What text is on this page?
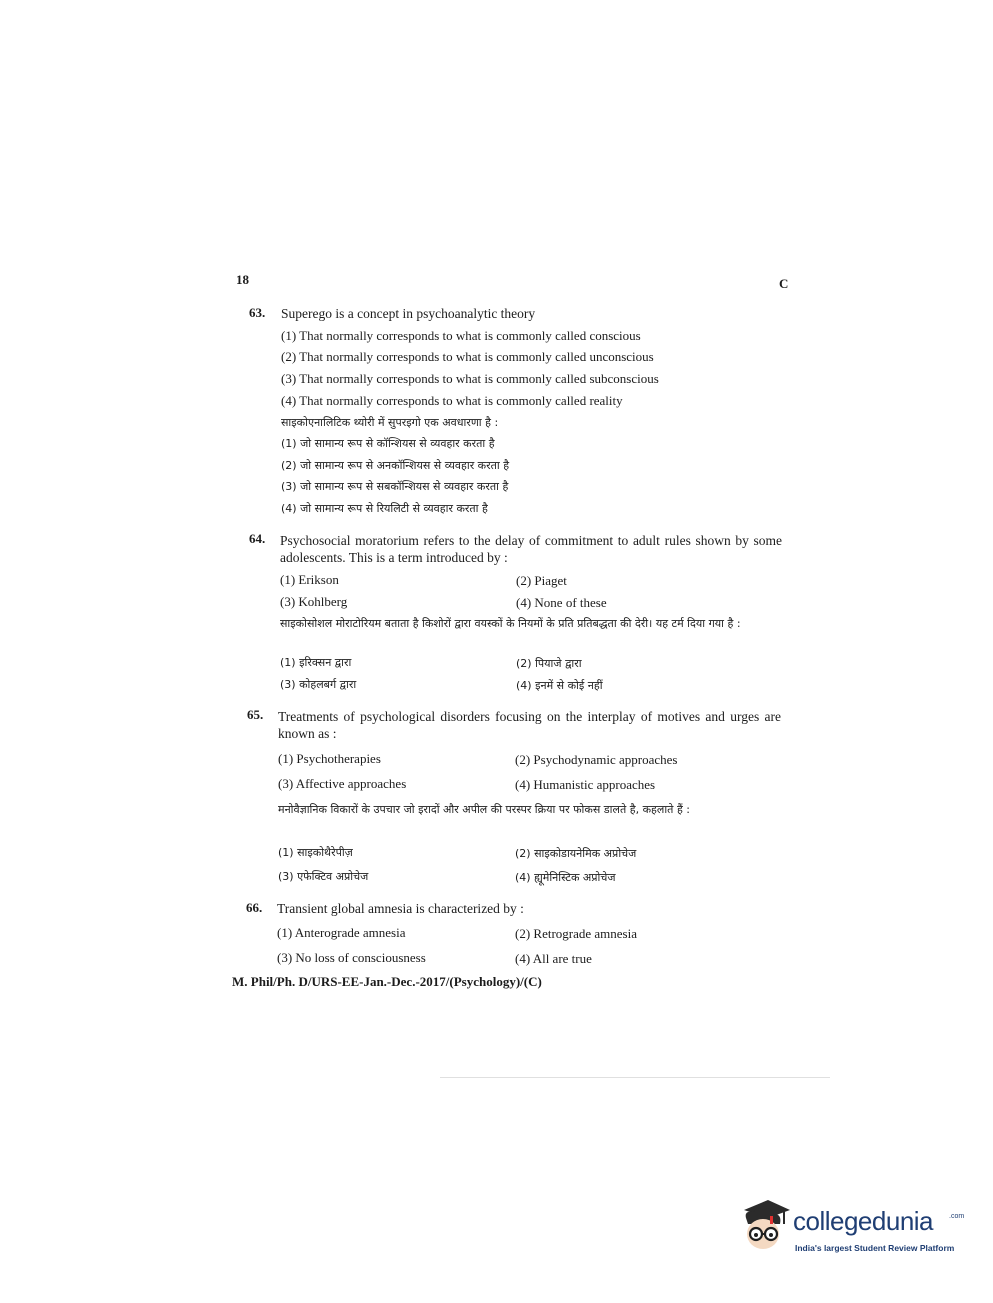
18	C
63. Superego is a concept in psychoanalytic theory
(1) That normally corresponds to what is commonly called conscious
(2) That normally corresponds to what is commonly called unconscious
(3) That normally corresponds to what is commonly called subconscious
(4) That normally corresponds to what is commonly called reality
साइकोएनालिटिक थ्योरी में सुपरइगो एक अवधारणा है :
(1) जो सामान्य रूप से कॉन्शियस से व्यवहार करता है
(2) जो सामान्य रूप से अनकॉन्शियस से व्यवहार करता है
(3) जो सामान्य रूप से सबकॉन्शियस से व्यवहार करता है
(4) जो सामान्य रूप से रियलिटी से व्यवहार करता है
64. Psychosocial moratorium refers to the delay of commitment to adult rules shown by some adolescents. This is a term introduced by :
(1) Erikson	(2) Piaget
(3) Kohlberg	(4) None of these
साइकोसोशल मोराटोरियम बताता है किशोरों द्वारा वयस्कों के नियमों के प्रति प्रतिबद्धता की देरी। यह टर्म दिया गया है :
(1) इरिक्सन द्वारा	(2) पियाजे द्वारा
(3) कोहलबर्ग द्वारा	(4) इनमें से कोई नहीं
65. Treatments of psychological disorders focusing on the interplay of motives and urges are known as :
(1) Psychotherapies	(2) Psychodynamic approaches
(3) Affective approaches	(4) Humanistic approaches
मनोवैज्ञानिक विकारों के उपचार जो इरादों और अपील की परस्पर क्रिया पर फोकस डालते है, कहलाते हैं :
(1) साइकोथैरेपीज़	(2) साइकोडायनेमिक अप्रोचेज
(3) एफेक्टिव अप्रोचेज	(4) ह्यूमेनिस्टिक अप्रोचेज
66. Transient global amnesia is characterized by :
(1) Anterograde amnesia	(2) Retrograde amnesia
(3) No loss of consciousness	(4) All are true
M. Phil/Ph. D/URS-EE-Jan.-Dec.-2017/(Psychology)/(C)
collegedunia .com
India's largest Student Review Platform
